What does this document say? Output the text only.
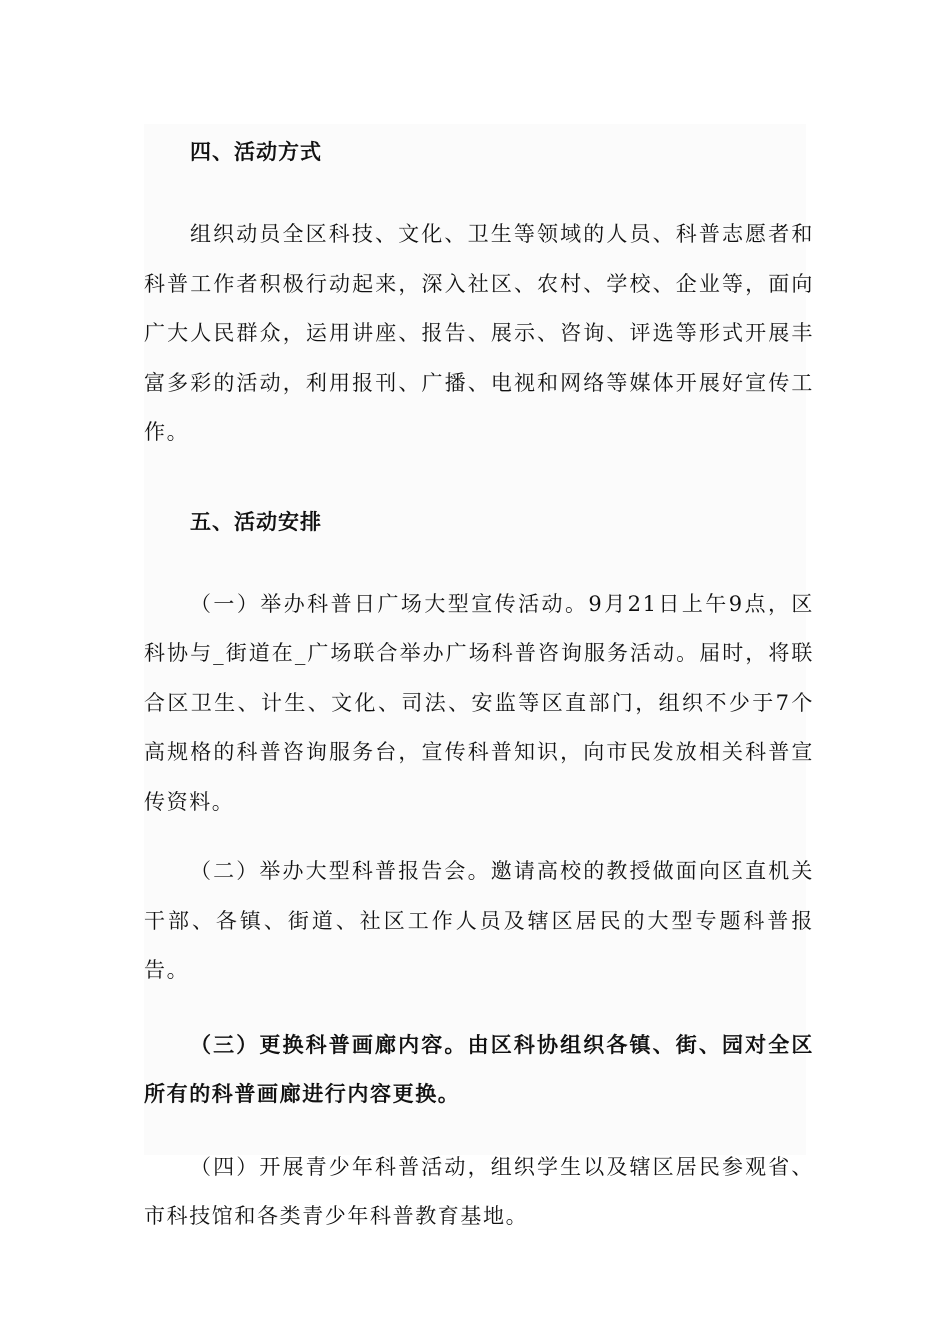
四、活动方式

组织动员全区科技、文化、卫生等领域的人员、科普志愿者和科普工作者积极行动起来，深入社区、农村、学校、企业等，面向广大人民群众，运用讲座、报告、展示、咨询、评选等形式开展丰富多彩的活动，利用报刊、广播、电视和网络等媒体开展好宣传工作。

五、活动安排

（一）举办科普日广场大型宣传活动。9月21日上午9点，区科协与_街道在_广场联合举办广场科普咨询服务活动。届时，将联合区卫生、计生、文化、司法、安监等区直部门，组织不少于7个高规格的科普咨询服务台，宣传科普知识，向市民发放相关科普宣传资料。

（二）举办大型科普报告会。邀请高校的教授做面向区直机关干部、各镇、街道、社区工作人员及辖区居民的大型专题科普报告。

（三）更换科普画廊内容。由区科协组织各镇、街、园对全区所有的科普画廊进行内容更换。

（四）开展青少年科普活动，组织学生以及辖区居民参观省、市科技馆和各类青少年科普教育基地。
